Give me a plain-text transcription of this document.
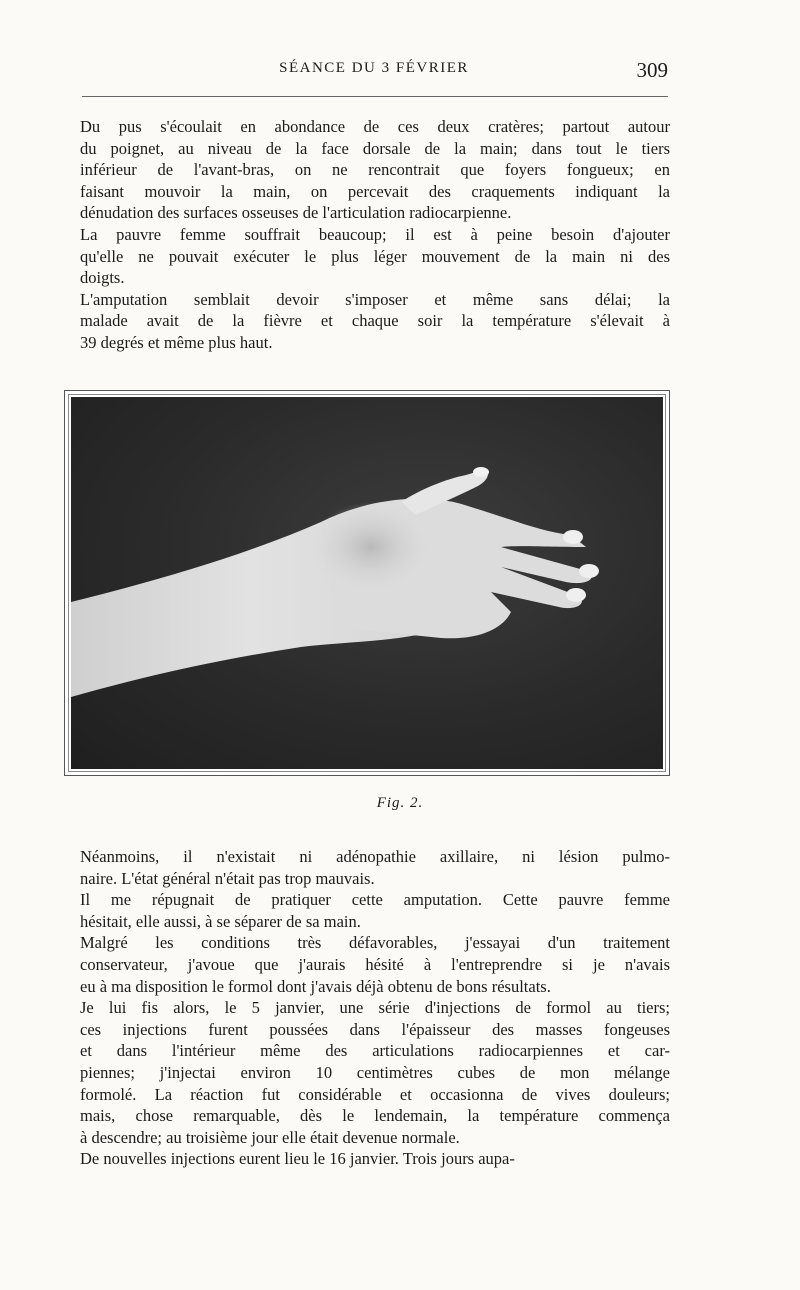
SÉANCE DU 3 FÉVRIER	309

Du pus s'écoulait en abondance de ces deux cratères; partout autour
du poignet, au niveau de la face dorsale de la main; dans tout le tiers
inférieur de l'avant-bras, on ne rencontrait que foyers fongueux; en
faisant mouvoir la main, on percevait des craquements indiquant la
dénudation des surfaces osseuses de l'articulation radiocarpienne.

La pauvre femme souffrait beaucoup; il est à peine besoin d'ajouter
qu'elle ne pouvait exécuter le plus léger mouvement de la main ni des
doigts.

L'amputation semblait devoir s'imposer et même sans délai; la
malade avait de la fièvre et chaque soir la température s'élevait à
39 degrés et même plus haut.

Fig. 2.

Néanmoins, il n'existait ni adénopathie axillaire, ni lésion pulmo-
naire. L'état général n'était pas trop mauvais.

Il me répugnait de pratiquer cette amputation. Cette pauvre femme
hésitait, elle aussi, à se séparer de sa main.

Malgré les conditions très défavorables, j'essayai d'un traitement
conservateur, j'avoue que j'aurais hésité à l'entreprendre si je n'avais
eu à ma disposition le formol dont j'avais déjà obtenu de bons résultats.

Je lui fis alors, le 5 janvier, une série d'injections de formol au tiers;
ces injections furent poussées dans l'épaisseur des masses fongeuses
et dans l'intérieur même des articulations radiocarpiennes et car-
piennes; j'injectai environ 10 centimètres cubes de mon mélange
formolé. La réaction fut considérable et occasionna de vives douleurs;
mais, chose remarquable, dès le lendemain, la température commença
à descendre; au troisième jour elle était devenue normale.

De nouvelles injections eurent lieu le 16 janvier. Trois jours aupa-
